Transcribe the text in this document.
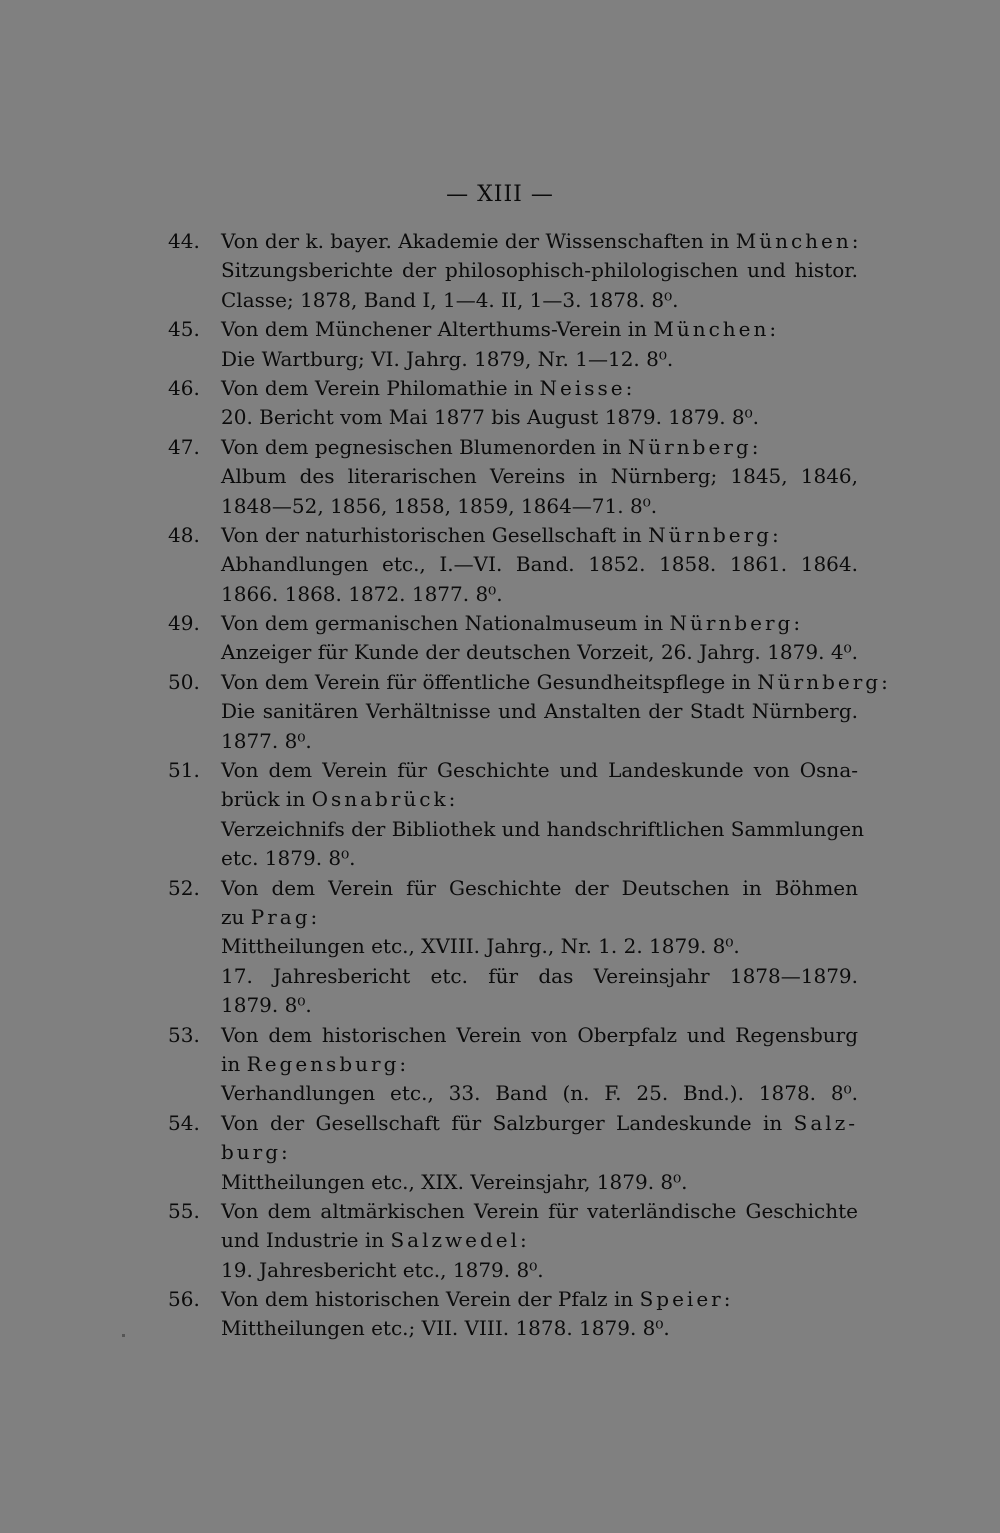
— XIII —
44.	Von der k. bayer. Akademie der Wissenschaften in München:
Sitzungsberichte der philosophisch-philologischen und histor.
Classe; 1878, Band I, 1—4. II, 1—3. 1878. 8⁰.
45.	Von dem Münchener Alterthums-Verein in München:
Die Wartburg; VI. Jahrg. 1879, Nr. 1—12. 8⁰.
46.	Von dem Verein Philomathie in Neisse:
20. Bericht vom Mai 1877 bis August 1879. 1879. 8⁰.
47.	Von dem pegnesischen Blumenorden in Nürnberg:
Album des literarischen Vereins in Nürnberg; 1845, 1846,
1848—52, 1856, 1858, 1859, 1864—71. 8⁰.
48.	Von der naturhistorischen Gesellschaft in Nürnberg:
Abhandlungen etc., I.—VI. Band. 1852. 1858. 1861. 1864.
1866. 1868. 1872. 1877. 8⁰.
49.	Von dem germanischen Nationalmuseum in Nürnberg:
Anzeiger für Kunde der deutschen Vorzeit, 26. Jahrg. 1879. 4⁰.
50.	Von dem Verein für öffentliche Gesundheitspflege in Nürnberg:
Die sanitären Verhältnisse und Anstalten der Stadt Nürnberg.
1877. 8⁰.
51.	Von dem Verein für Geschichte und Landeskunde von Osna-
brück in Osnabrück:
Verzeichnifs der Bibliothek und handschriftlichen Sammlungen
etc. 1879. 8⁰.
52.	Von dem Verein für Geschichte der Deutschen in Böhmen
zu Prag:
Mittheilungen etc., XVIII. Jahrg., Nr. 1. 2. 1879. 8⁰.
17. Jahresbericht etc. für das Vereinsjahr 1878—1879.
1879. 8⁰.
53.	Von dem historischen Verein von Oberpfalz und Regensburg
in Regensburg:
Verhandlungen etc., 33. Band (n. F. 25. Bnd.). 1878. 8⁰.
54.	Von der Gesellschaft für Salzburger Landeskunde in Salz-
burg:
Mittheilungen etc., XIX. Vereinsjahr, 1879. 8⁰.
55.	Von dem altmärkischen Verein für vaterländische Geschichte
und Industrie in Salzwedel:
19. Jahresbericht etc., 1879. 8⁰.
56.	Von dem historischen Verein der Pfalz in Speier:
Mittheilungen etc.; VII. VIII. 1878. 1879. 8⁰.
